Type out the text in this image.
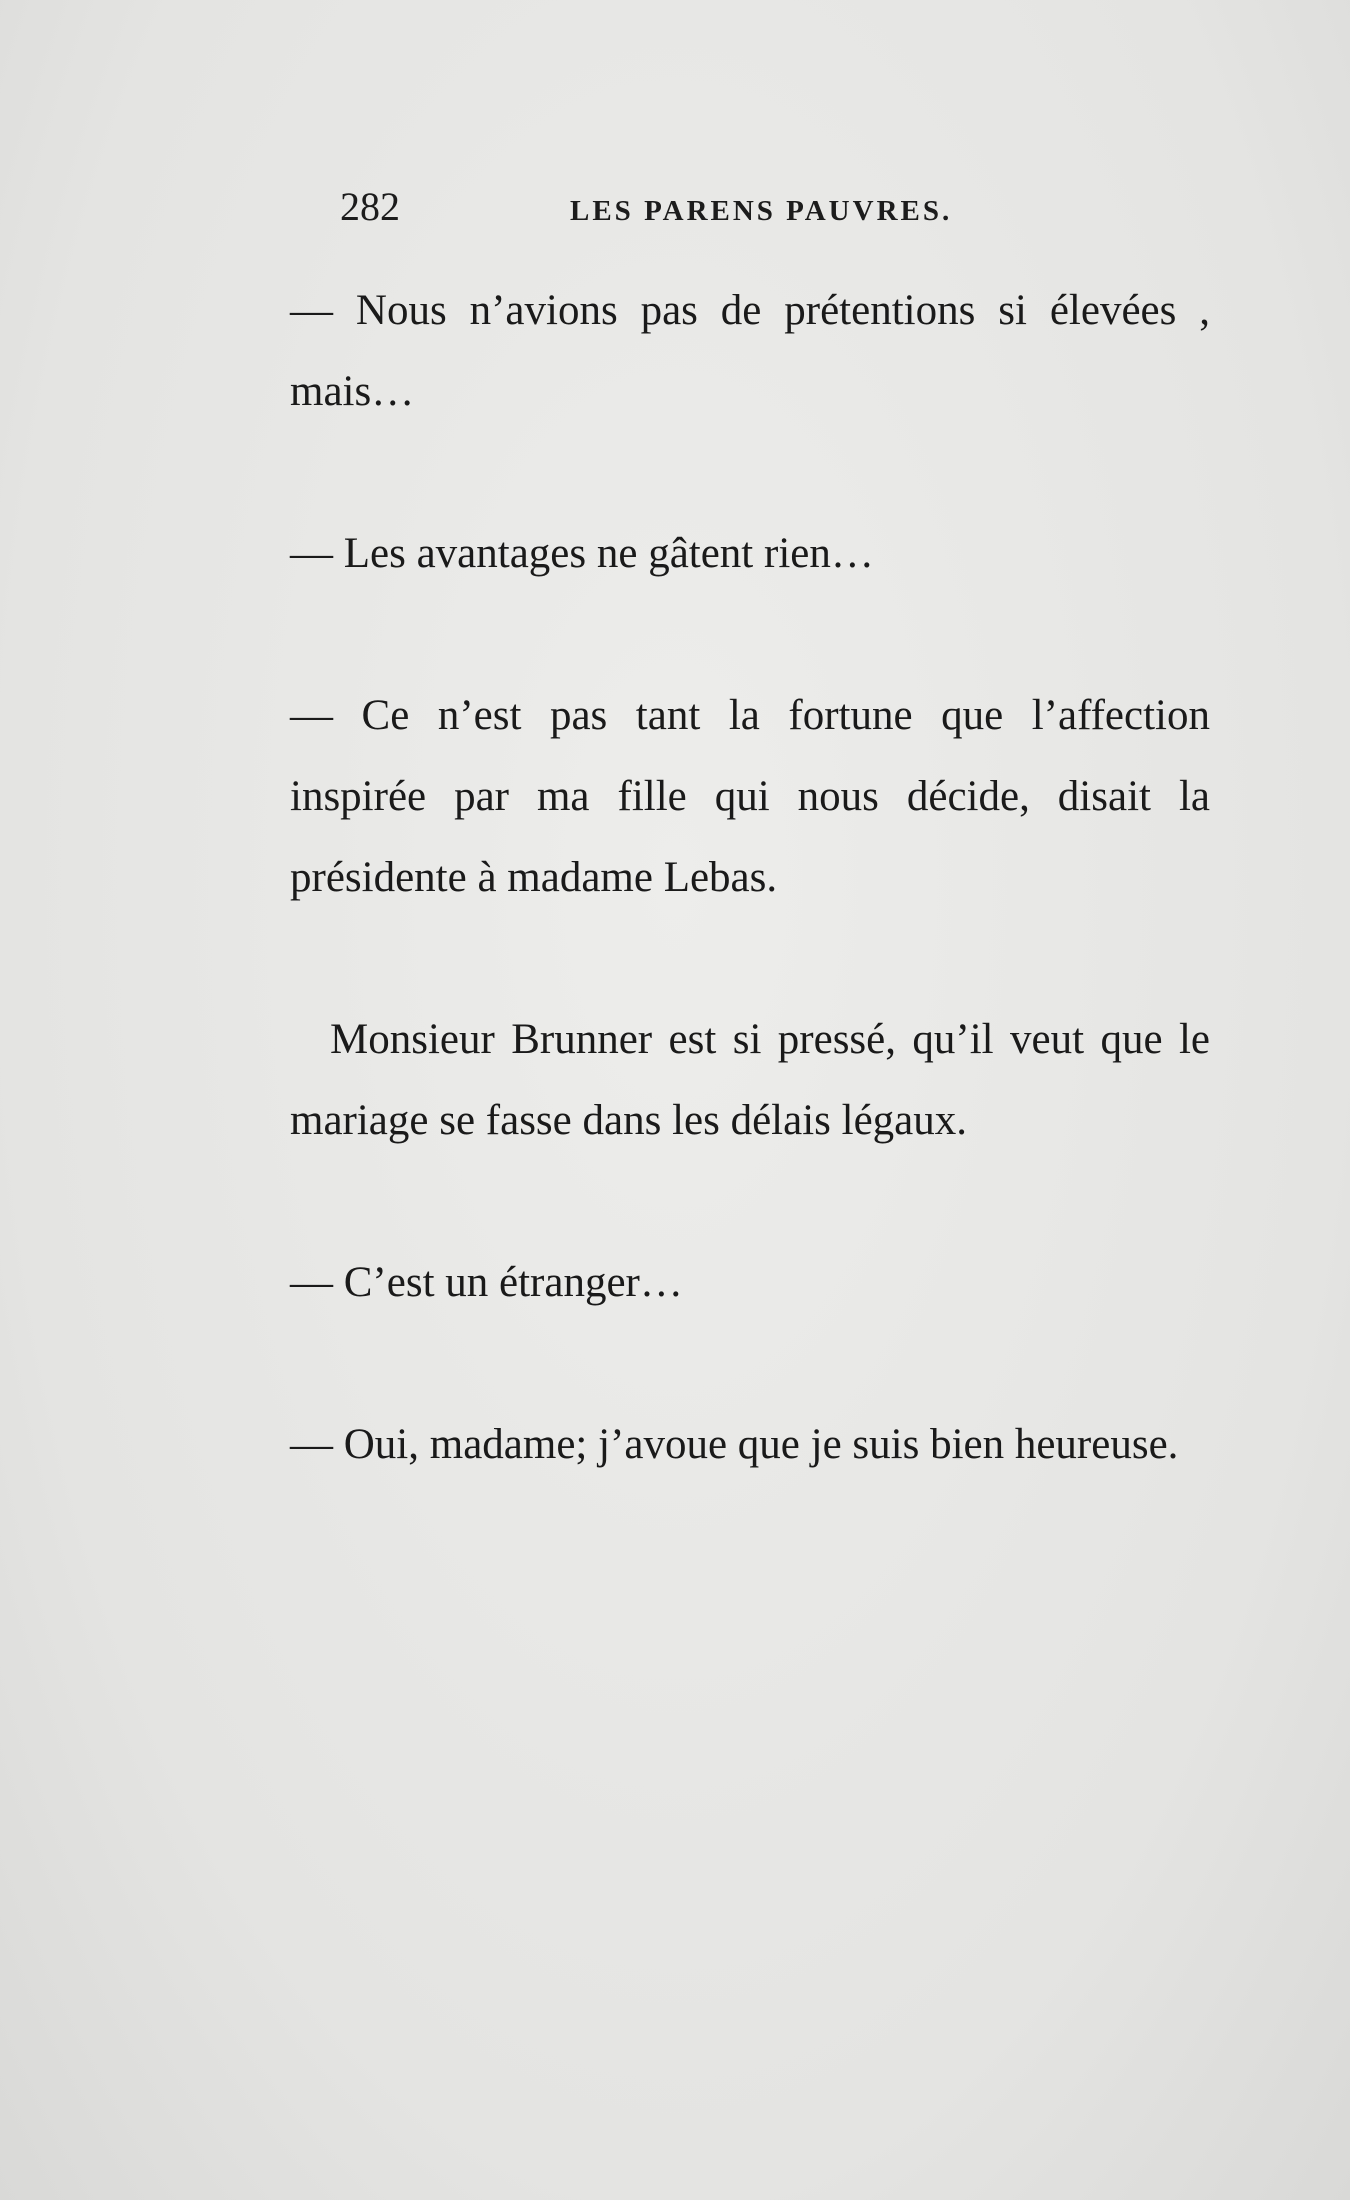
282	LES PARENS PAUVRES.

— Nous n’avions pas de prétentions si élevées , mais…

— Les avantages ne gâtent rien…

— Ce n’est pas tant la fortune que l’affection inspirée par ma fille qui nous décide, disait la présidente à madame Lebas.

Monsieur Brunner est si pressé, qu’il veut que le mariage se fasse dans les délais légaux.

— C’est un étranger…

— Oui, madame; j’avoue que je suis bien heureuse.
